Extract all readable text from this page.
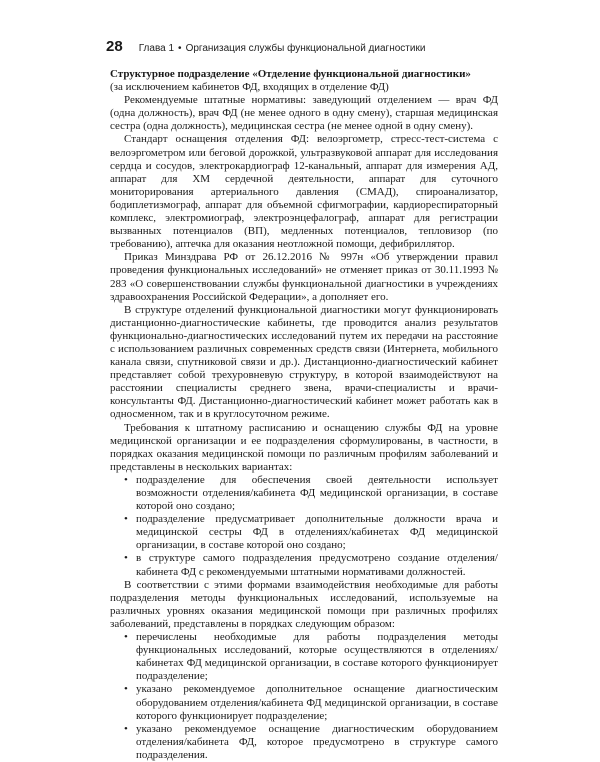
28 Глава 1 • Организация службы функциональной диагностики
Структурное подразделение «Отделение функциональной диагностики»
(за исключением кабинетов ФД, входящих в отделение ФД)

Рекомендуемые штатные нормативы: заведующий отделением — врач ФД (одна должность), врач ФД (не менее одного в одну смену), старшая медицинская сестра (одна должность), медицинская сестра (не менее одной в одну смену).

Стандарт оснащения отделения ФД: велоэргометр, стресс-тест-система с велоэргометром или беговой дорожкой, ультразвуковой аппарат для исследования сердца и сосудов, электрокардиограф 12-канальный, аппарат для измерения АД, аппарат для ХМ сердечной деятельности, аппарат для суточного мониторирования артериального давления (СМАД), спироанализатор, бодиплетизмограф, аппарат для объемной сфигмографии, кардиореспираторный комплекс, электромиограф, электроэнцефалограф, аппарат для регистрации вызванных потенциалов (ВП), медленных потенциалов, тепловизор (по требованию), аптечка для оказания неотложной помощи, дефибриллятор.

Приказ Минздрава РФ от 26.12.2016 № 997н «Об утверждении правил проведения функциональных исследований» не отменяет приказ от 30.11.1993 № 283 «О совершенствовании службы функциональной диагностики в учреждениях здравоохранения Российской Федерации», а дополняет его.

В структуре отделений функциональной диагностики могут функционировать дистанционно-диагностические кабинеты, где проводится анализ результатов функционально-диагностических исследований путем их передачи на расстояние с использованием различных современных средств связи (Интернета, мобильного канала связи, спутниковой связи и др.). Дистанционно-диагностический кабинет представляет собой трехуровневую структуру, в которой взаимодействуют на расстоянии специалисты среднего звена, врачи-специалисты и врачи-консультанты ФД. Дистанционно-диагностический кабинет может работать как в односменном, так и в круглосуточном режиме.

Требования к штатному расписанию и оснащению службы ФД на уровне медицинской организации и ее подразделения сформулированы, в частности, в порядках оказания медицинской помощи по различным профилям заболеваний и представлены в нескольких вариантах:

• подразделение для обеспечения своей деятельности использует возможности отделения/кабинета ФД медицинской организации, в составе которой оно создано;
• подразделение предусматривает дополнительные должности врача и медицинской сестры ФД в отделениях/кабинетах ФД медицинской организации, в составе которой оно создано;
• в структуре самого подразделения предусмотрено создание отделения/кабинета ФД с рекомендуемыми штатными нормативами должностей.

В соответствии с этими формами взаимодействия необходимые для работы подразделения методы функциональных исследований, используемые на различных уровнях оказания медицинской помощи при различных профилях заболеваний, представлены в порядках следующим образом:

• перечислены необходимые для работы подразделения методы функциональных исследований, которые осуществляются в отделениях/кабинетах ФД медицинской организации, в составе которого функционирует подразделение;
• указано рекомендуемое дополнительное оснащение диагностическим оборудованием отделения/кабинета ФД медицинской организации, в составе которого функционирует подразделение;
• указано рекомендуемое оснащение диагностическим оборудованием отделения/кабинета ФД, которое предусмотрено в структуре самого подразделения.
